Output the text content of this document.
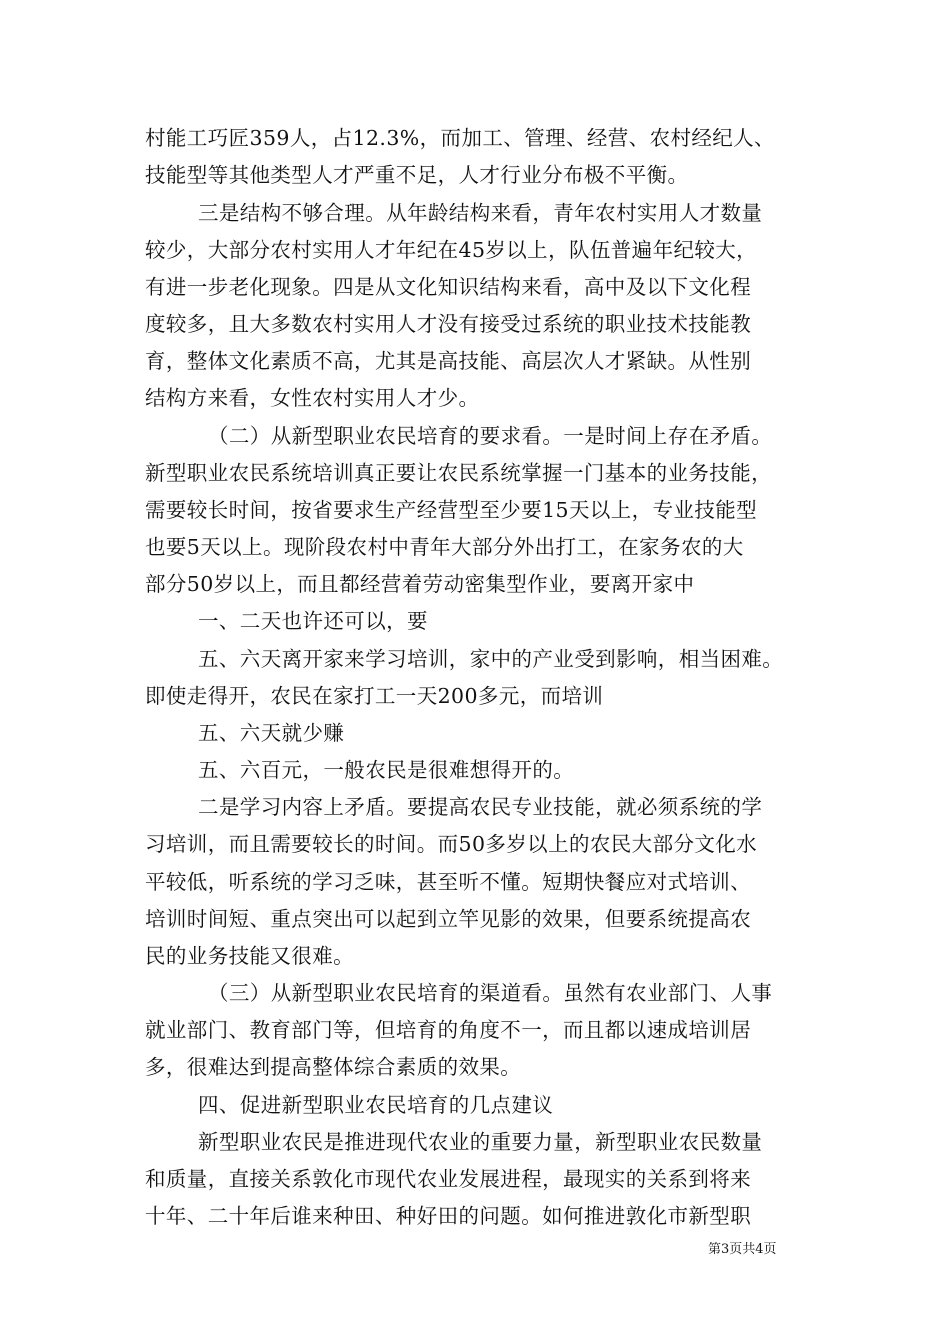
村能工巧匠359人，占12.3%，而加工、管理、经营、农村经纪人、
技能型等其他类型人才严重不足，人才行业分布极不平衡。
三是结构不够合理。从年龄结构来看，青年农村实用人才数量
较少，大部分农村实用人才年纪在45岁以上，队伍普遍年纪较大，
有进一步老化现象。四是从文化知识结构来看，高中及以下文化程
度较多，且大多数农村实用人才没有接受过系统的职业技术技能教
育，整体文化素质不高，尤其是高技能、高层次人才紧缺。从性别
结构方来看，女性农村实用人才少。
（二）从新型职业农民培育的要求看。一是时间上存在矛盾。
新型职业农民系统培训真正要让农民系统掌握一门基本的业务技能，
需要较长时间，按省要求生产经营型至少要15天以上，专业技能型
也要5天以上。现阶段农村中青年大部分外出打工，在家务农的大
部分50岁以上，而且都经营着劳动密集型作业，要离开家中
一、二天也许还可以，要
五、六天离开家来学习培训，家中的产业受到影响，相当困难。
即使走得开，农民在家打工一天200多元，而培训
五、六天就少赚
五、六百元，一般农民是很难想得开的。
二是学习内容上矛盾。要提高农民专业技能，就必须系统的学
习培训，而且需要较长的时间。而50多岁以上的农民大部分文化水
平较低，听系统的学习乏味，甚至听不懂。短期快餐应对式培训、
培训时间短、重点突出可以起到立竿见影的效果，但要系统提高农
民的业务技能又很难。
（三）从新型职业农民培育的渠道看。虽然有农业部门、人事
就业部门、教育部门等，但培育的角度不一，而且都以速成培训居
多，很难达到提高整体综合素质的效果。
四、促进新型职业农民培育的几点建议
新型职业农民是推进现代农业的重要力量，新型职业农民数量
和质量，直接关系敦化市现代农业发展进程，最现实的关系到将来
十年、二十年后谁来种田、种好田的问题。如何推进敦化市新型职
第3页共4页
